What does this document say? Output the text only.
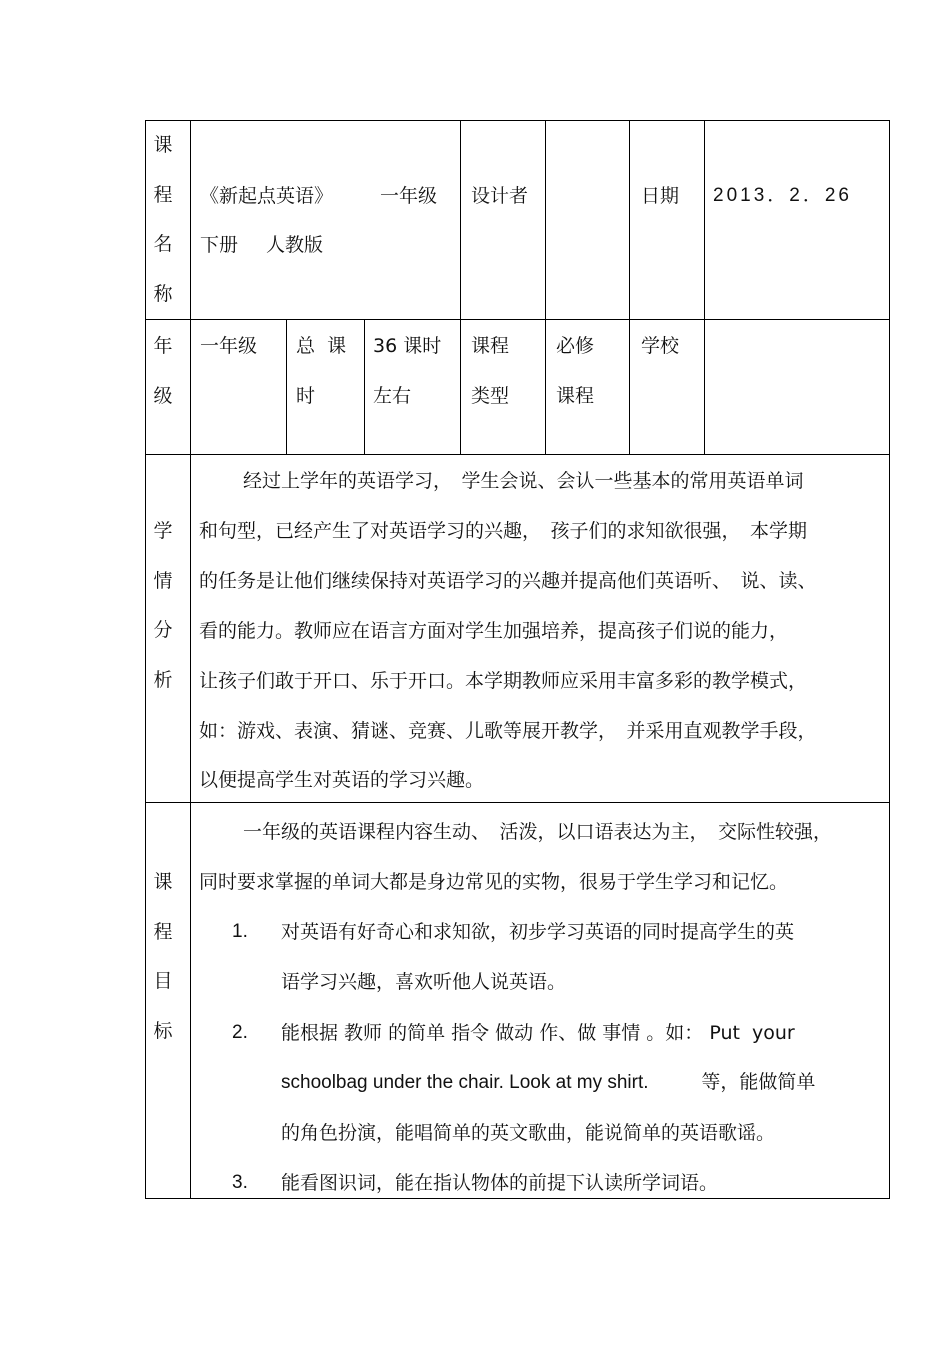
课
程
名
称
《新起点英语》 一年级
下册 人教版
设计者	日期 2013．2．26
年
级
一年级 总  课
时
36 课时
左右
课程
类型
必修
课程
学校
学
情
分
析
经过上学年的英语学习，　学生会说、会认一些基本的常用英语单词
和句型，已经产生了对英语学习的兴趣，　孩子们的求知欲很强，　本学期
的任务是让他们继续保持对英语学习的兴趣并提高他们英语听、　说、读、
看的能力。教师应在语言方面对学生加强培养，提高孩子们说的能力，
让孩子们敢于开口、乐于开口。本学期教师应采用丰富多彩的教学模式，
如：游戏、表演、猜谜、竞赛、儿歌等展开教学，　并采用直观教学手段，
以便提高学生对英语的学习兴趣。
课
程
目
标
一年级的英语课程内容生动、　活泼，以口语表达为主，　交际性较强，
同时要求掌握的单词大都是身边常见的实物，很易于学生学习和记忆。
1. 对英语有好奇心和求知欲，初步学习英语的同时提高学生的英
语学习兴趣，喜欢听他人说英语。
2. 能根据 教师 的简单 指令 做动 作、做 事情 。如： Put  your
schoolbag under the chair. Look at my shirt.          等，能做简单
的角色扮演，能唱简单的英文歌曲，能说简单的英语歌谣。
3. 能看图识词，能在指认物体的前提下认读所学词语。
